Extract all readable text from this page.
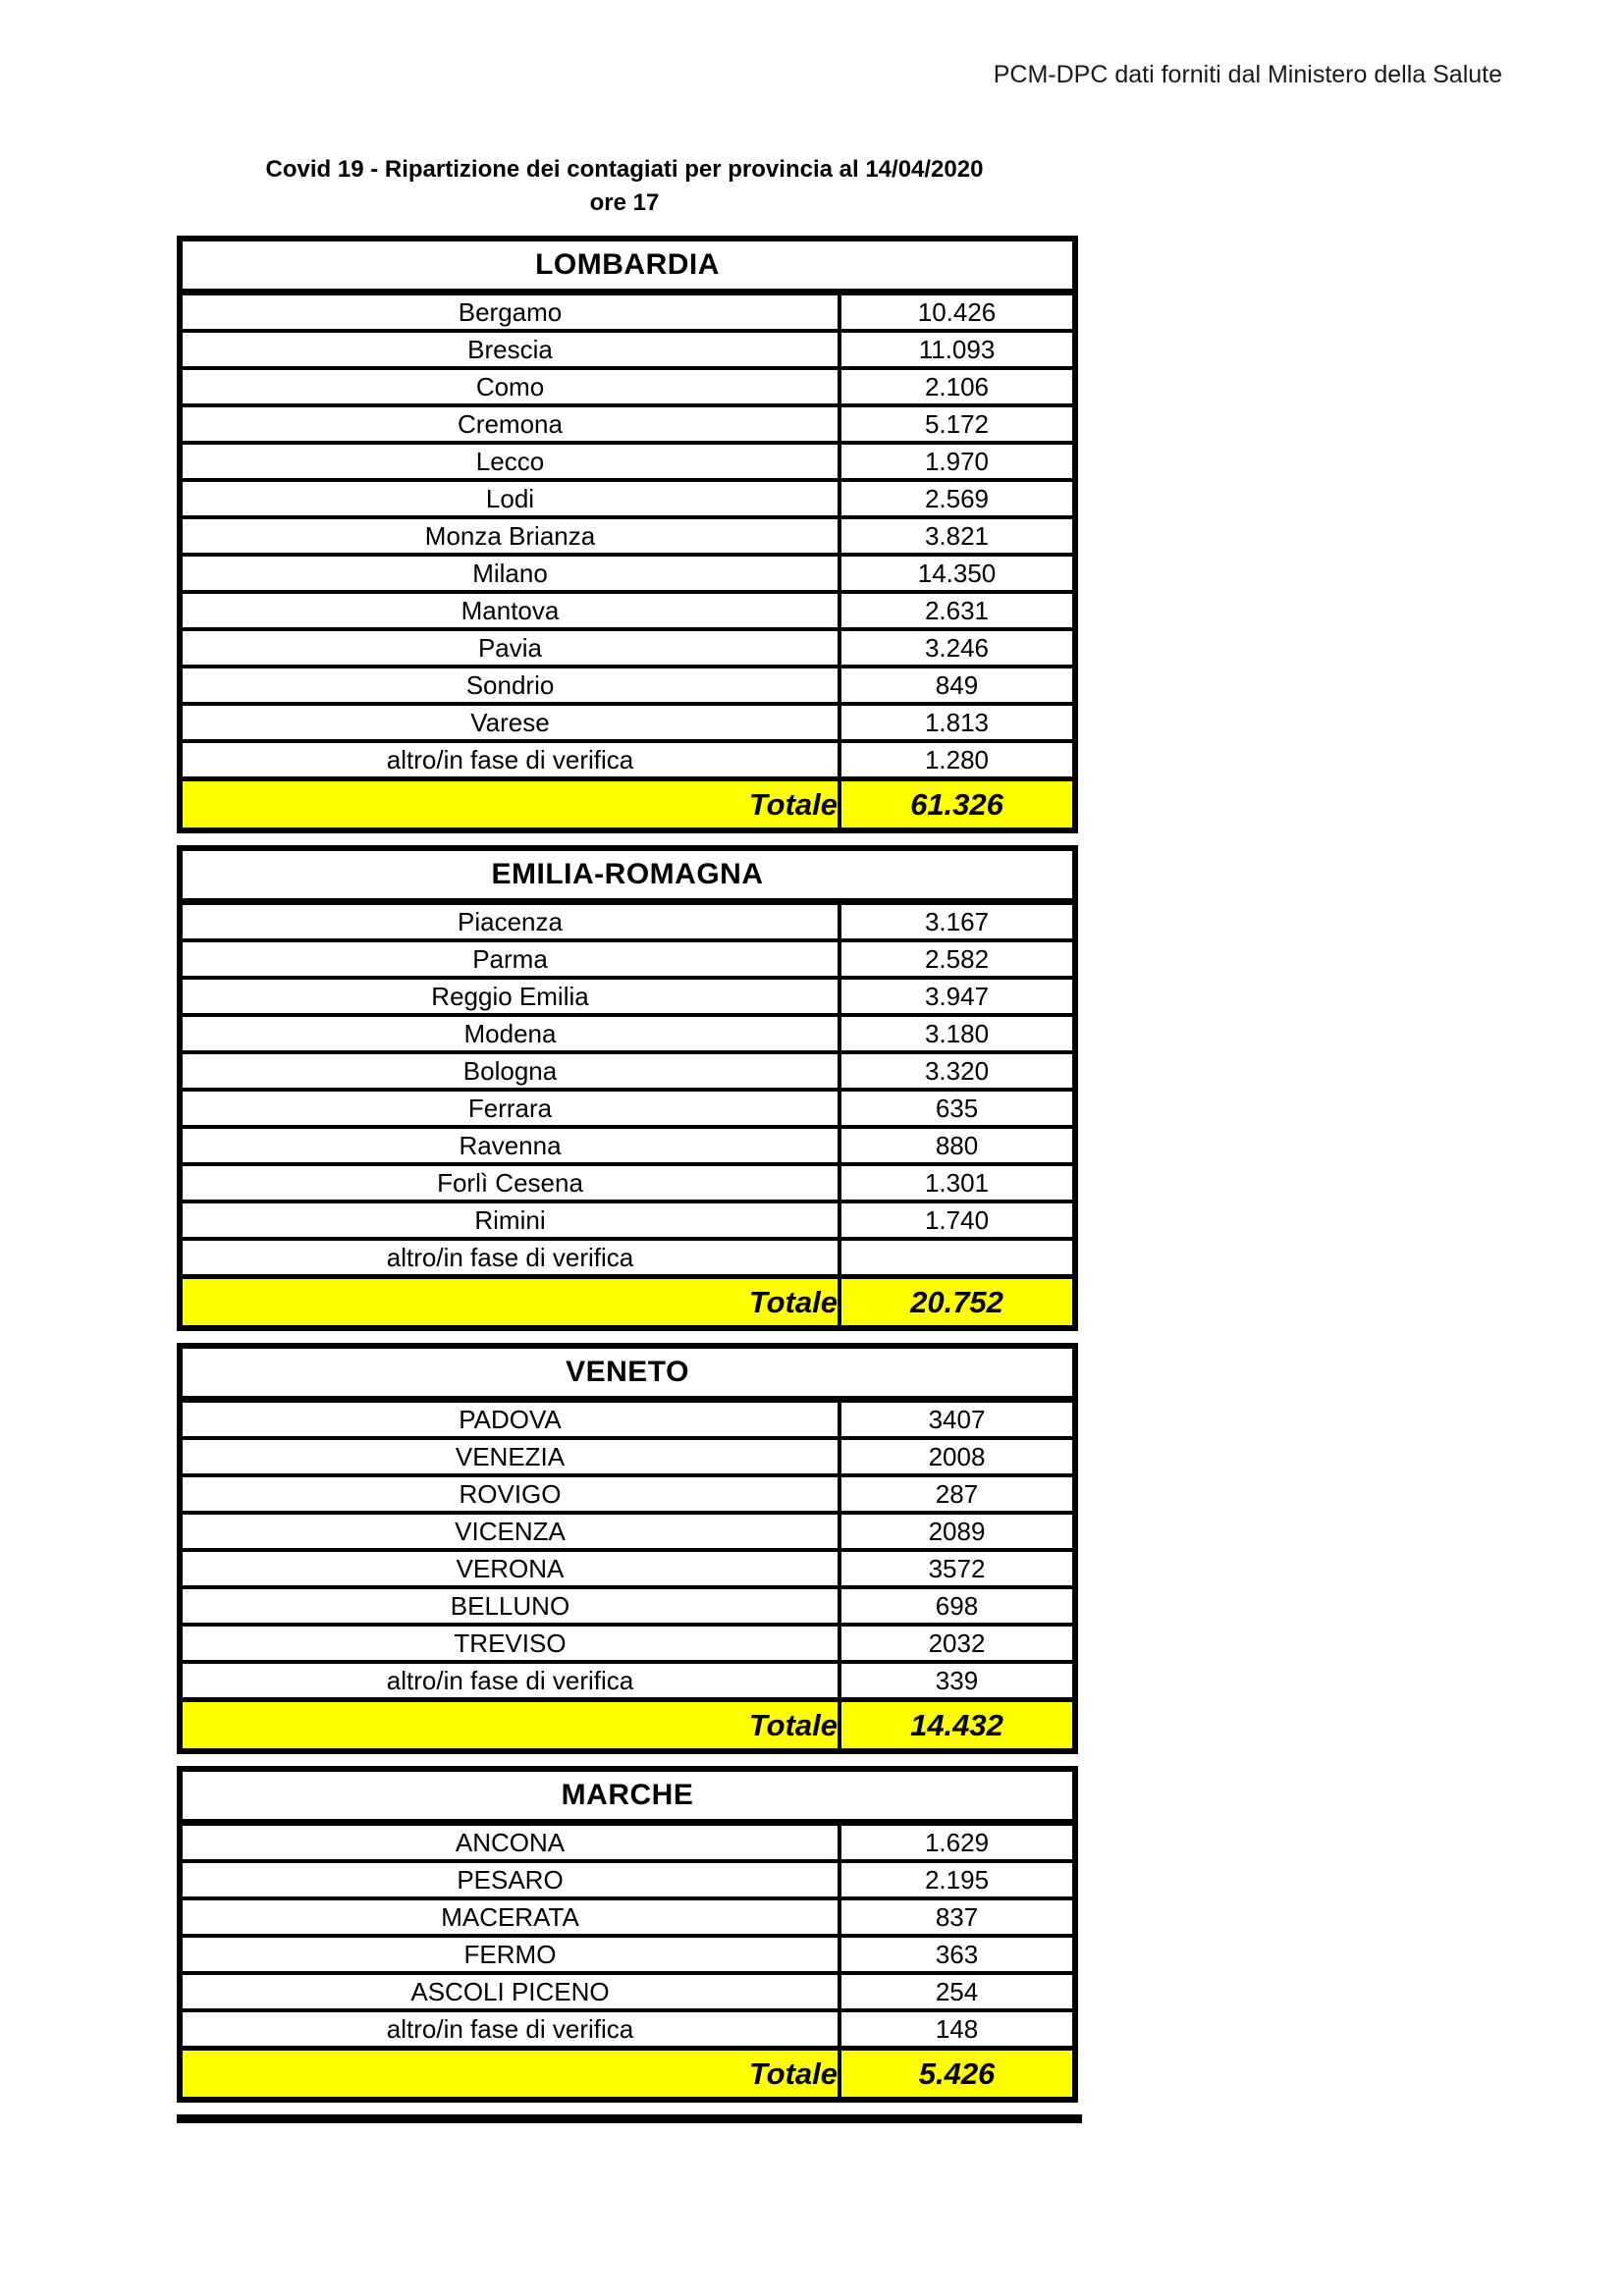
PCM-DPC dati forniti dal Ministero della Salute
Covid 19 - Ripartizione dei contagiati per provincia al 14/04/2020
ore 17
LOMBARDIA	
Bergamo	10.426
Brescia	11.093
Como	2.106
Cremona	5.172
Lecco	1.970
Lodi	2.569
Monza Brianza	3.821
Milano	14.350
Mantova	2.631
Pavia	3.246
Sondrio	849
Varese	1.813
altro/in fase di verifica	1.280
Totale	61.326
EMILIA-ROMAGNA	
Piacenza	3.167
Parma	2.582
Reggio Emilia	3.947
Modena	3.180
Bologna	3.320
Ferrara	635
Ravenna	880
Forlì Cesena	1.301
Rimini	1.740
altro/in fase di verifica	
Totale	20.752
VENETO	
PADOVA	3407
VENEZIA	2008
ROVIGO	287
VICENZA	2089
VERONA	3572
BELLUNO	698
TREVISO	2032
altro/in fase di verifica	339
Totale	14.432
MARCHE	
ANCONA	1.629
PESARO	2.195
MACERATA	837
FERMO	363
ASCOLI PICENO	254
altro/in fase di verifica	148
Totale	5.426
